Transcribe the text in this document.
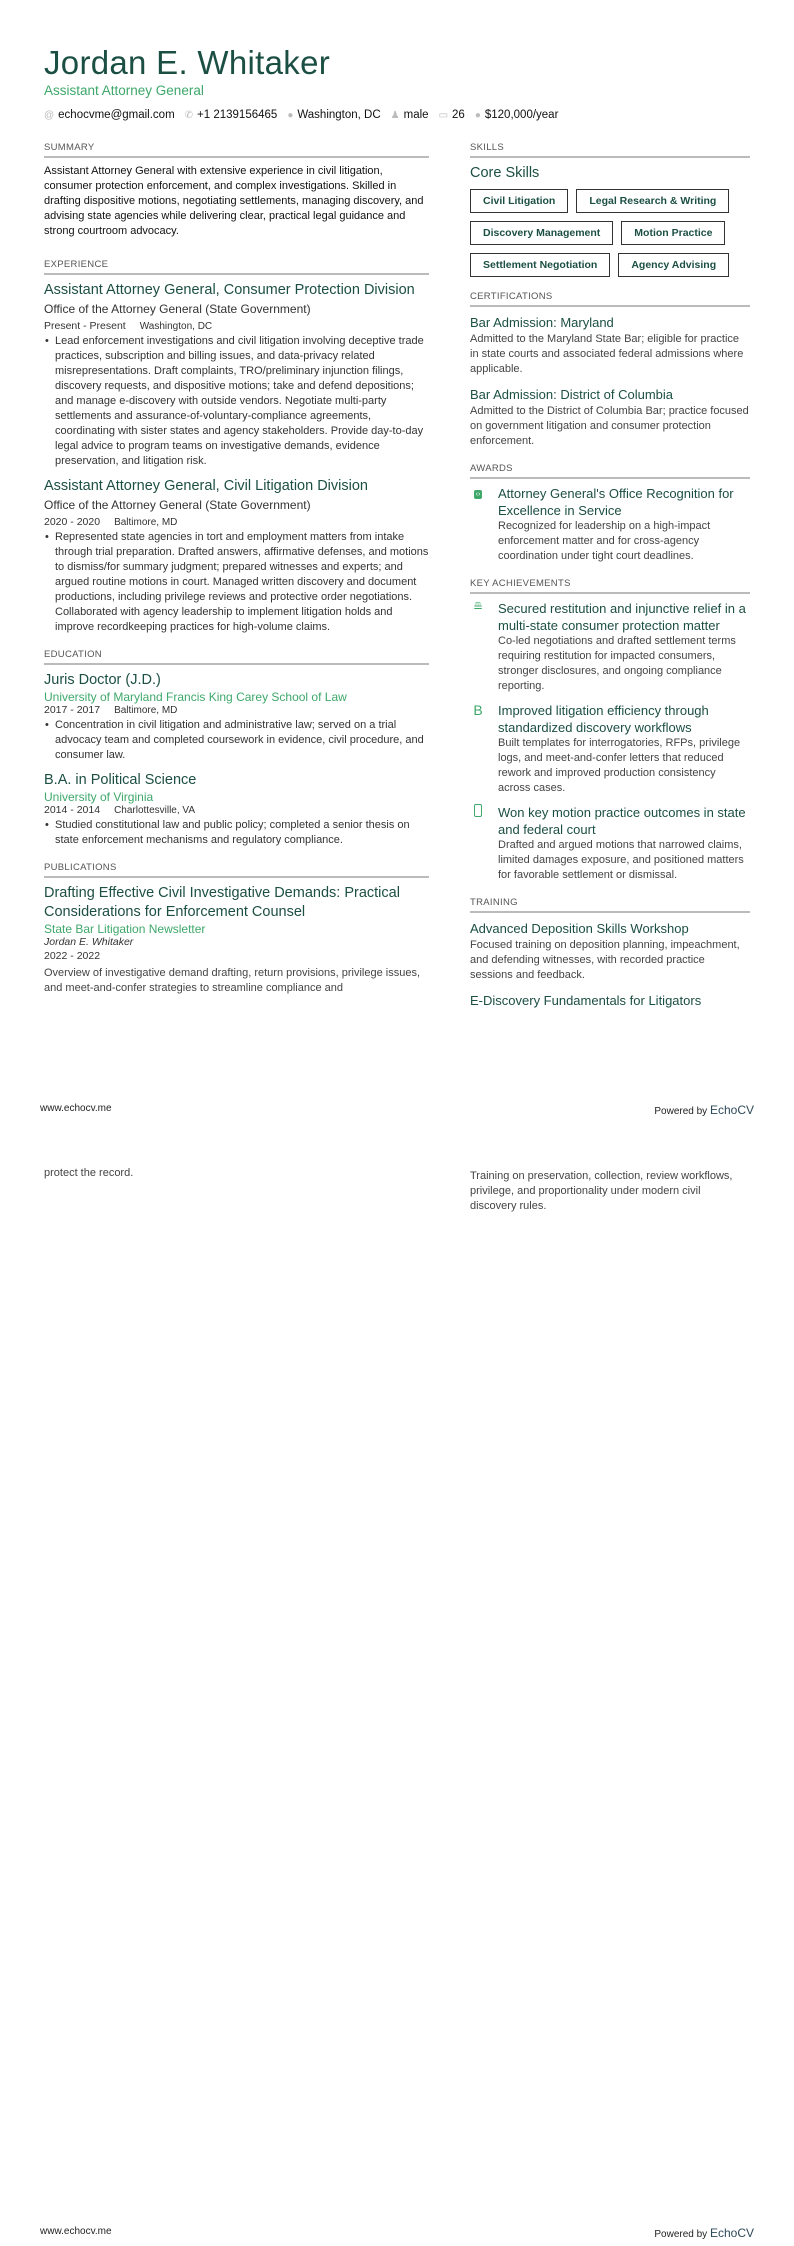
Jordan E. Whitaker
Assistant Attorney General
@ echocvme@gmail.com ✆ +1 2139156465 ● Washington, DC ♟ male ▭ 26 ● $120,000/year
SUMMARY

Assistant Attorney General with extensive experience in civil litigation, consumer protection enforcement, and complex investigations. Skilled in drafting dispositive motions, negotiating settlements, managing discovery, and advising state agencies while delivering clear, practical legal guidance and strong courtroom advocacy.

EXPERIENCE
Assistant Attorney General, Consumer Protection Division
Office of the Attorney General (State Government)
Present - Present Washington, DC
• Lead enforcement investigations and civil litigation involving deceptive trade practices, subscription and billing issues, and data-privacy related misrepresentations. Draft complaints, TRO/preliminary injunction filings, discovery requests, and dispositive motions; take and defend depositions; and manage e-discovery with outside vendors. Negotiate multi-party settlements and assurance-of-voluntary-compliance agreements, coordinating with sister states and agency stakeholders. Provide day-to-day legal advice to program teams on investigative demands, evidence preservation, and litigation risk.
Assistant Attorney General, Civil Litigation Division
Office of the Attorney General (State Government)
2020 - 2020 Baltimore, MD
• Represented state agencies in tort and employment matters from intake through trial preparation. Drafted answers, affirmative defenses, and motions to dismiss/for summary judgment; prepared witnesses and experts; and argued routine motions in court. Managed written discovery and document productions, including privilege reviews and protective order negotiations. Collaborated with agency leadership to implement litigation holds and improve recordkeeping practices for high-volume claims.
EDUCATION
Juris Doctor (J.D.)
University of Maryland Francis King Carey School of Law
2017 - 2017 Baltimore, MD
• Concentration in civil litigation and administrative law; served on a trial advocacy team and completed coursework in evidence, civil procedure, and consumer law.
B.A. in Political Science
University of Virginia
2014 - 2014 Charlottesville, VA
• Studied constitutional law and public policy; completed a senior thesis on state enforcement mechanisms and regulatory compliance.
PUBLICATIONS
Drafting Effective Civil Investigative Demands: Practical Considerations for Enforcement Counsel
State Bar Litigation Newsletter
Jordan E. Whitaker
2022 - 2022

Overview of investigative demand drafting, return provisions, privilege issues, and meet-and-confer strategies to streamline compliance and

SKILLS
Core Skills
Civil Litigation	Legal Research & Writing
Discovery Management	Motion Practice
Settlement Negotiation	Agency Advising
CERTIFICATIONS
Bar Admission: Maryland

Admitted to the Maryland State Bar; eligible for practice in state courts and associated federal admissions where applicable.

Bar Admission: District of Columbia

Admitted to the District of Columbia Bar; practice focused on government litigation and consumer protection enforcement.

AWARDS
‹›	Attorney General's Office Recognition for Excellence in Service

Recognized for leadership on a high-impact enforcement matter and for cross-agency coordination under tight court deadlines.

KEY ACHIEVEMENTS
≞ Secured restitution and injunctive relief in a multi-state consumer protection matter

Co-led negotiations and drafted settlement terms requiring restitution for impacted consumers, stronger disclosures, and ongoing compliance reporting.

B Improved litigation efficiency through standardized discovery workflows

Built templates for interrogatories, RFPs, privilege logs, and meet-and-confer letters that reduced rework and improved production consistency across cases.

Won key motion practice outcomes in state and federal court

Drafted and argued motions that narrowed claims, limited damages exposure, and positioned matters for favorable settlement or dismissal.

TRAINING
Advanced Deposition Skills Workshop

Focused training on deposition planning, impeachment, and defending witnesses, with recorded practice sessions and feedback.

E-Discovery Fundamentals for Litigators
www.echocv.me	Powered by EchoCV

protect the record.	Training on preservation, collection, review workflows, privilege, and proportionality under modern civil discovery rules.

www.echocv.me	Powered by EchoCV
